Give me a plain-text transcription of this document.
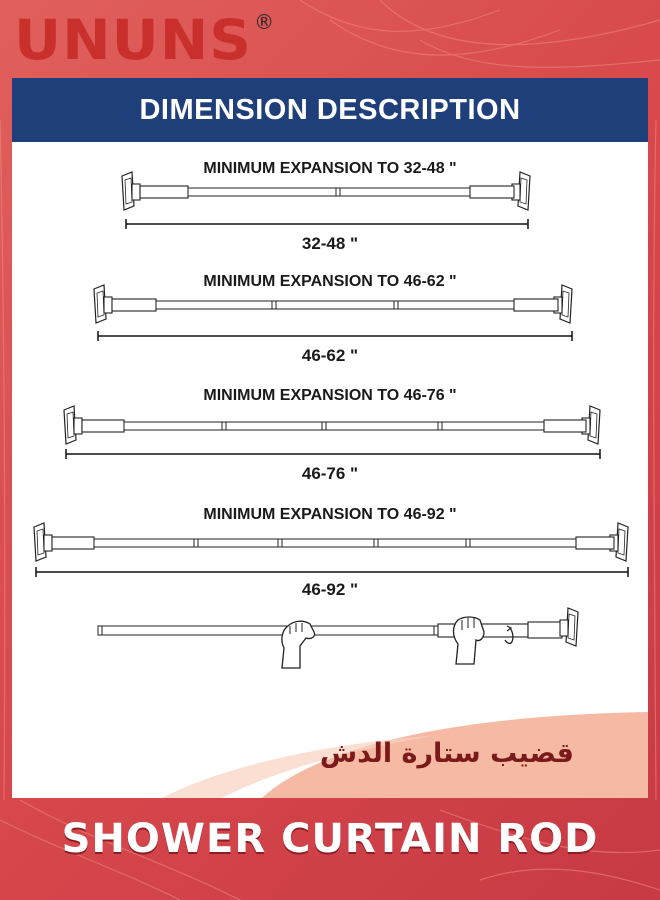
UNUNS ®
DIMENSION DESCRIPTION
MINIMUM EXPANSION TO 32-48 "
32-48 "
MINIMUM EXPANSION TO 46-62 "
46-62 "
MINIMUM EXPANSION TO 46-76 "
46-76 "
MINIMUM EXPANSION TO 46-92 "
46-92 "
قضيب ستارة الدش
SHOWER CURTAIN ROD
